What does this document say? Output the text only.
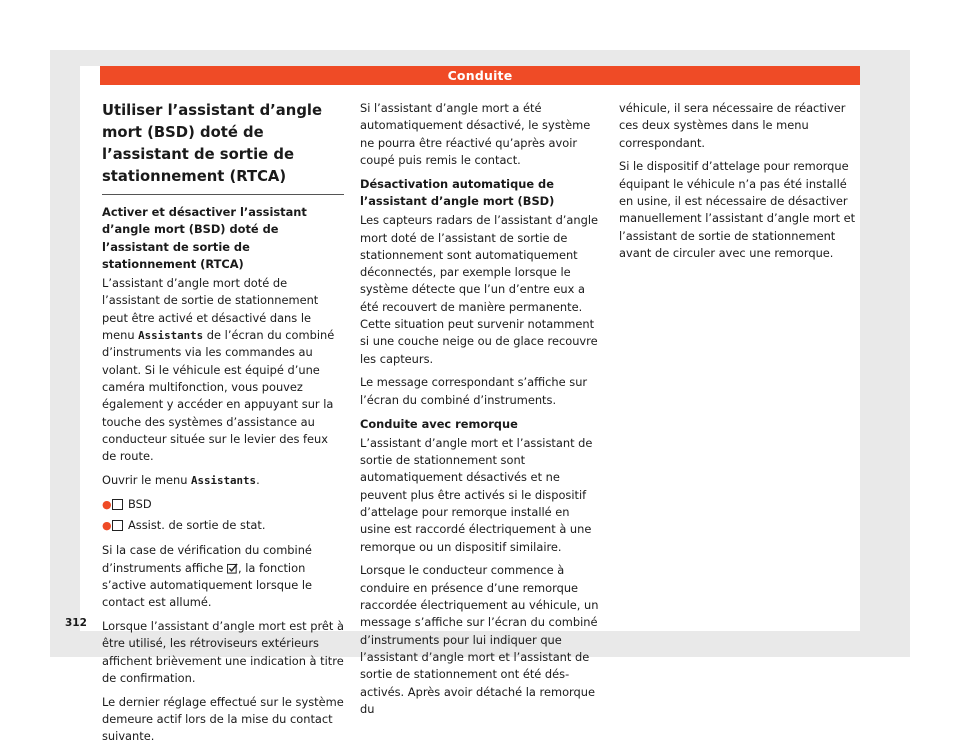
Conduite
Utiliser l’assistant d’angle mort (BSD) doté de l’assistant de sortie de stationnement (RTCA)

Activer et désactiver l’assistant d’angle mort (BSD) doté de l’assistant de sortie de stationnement (RTCA)

L’assistant d’angle mort doté de l’assistant de sortie de stationnement peut être activé et désactivé dans le menu Assistants de l’écran du combiné d’instruments via les commandes au volant. Si le véhicule est équipé d’une caméra multifonction, vous pouvez également y accéder en appuyant sur la touche des systèmes d’assistance au conducteur située sur le levier des feux de route.

Ouvrir le menu Assistants.

● BSD
● Assist. de sortie de stat.

Si la case de vérification du combiné d’instruments affiche , la fonction s’active automatiquement lorsque le contact est allumé.

Lorsque l’assistant d’angle mort est prêt à être utilisé, les rétroviseurs extérieurs affichent brièvement une indication à titre de confirmation.

Le dernier réglage effectué sur le système demeure actif lors de la mise du contact suivante.

Si l’assistant d’angle mort a été automatiquement désactivé, le système ne pourra être réactivé qu’après avoir coupé puis remis le contact.

Désactivation automatique de l’assistant d’angle mort (BSD)

Les capteurs radars de l’assistant d’angle mort doté de l’assistant de sortie de stationnement sont automatiquement déconnectés, par exemple lorsque le système détecte que l’un d’entre eux a été recouvert de manière permanente. Cette situation peut survenir notamment si une couche neige ou de glace recouvre les capteurs.

Le message correspondant s’affiche sur l’écran du combiné d’instruments.

Conduite avec remorque

L’assistant d’angle mort et l’assistant de sortie de stationnement sont automatiquement désactivés et ne peuvent plus être activés si le dispositif d’attelage pour remorque installé en usine est raccordé électriquement à une remorque ou un dispositif similaire.

Lorsque le conducteur commence à conduire en présence d’une remorque raccordée électriquement au véhicule, un message s’affiche sur l’écran du combiné d’instruments pour lui indiquer que l’assistant d’angle mort et l’assistant de sortie de stationnement ont été désactivés. Après avoir détaché la remorque du

véhicule, il sera nécessaire de réactiver ces deux systèmes dans le menu correspondant.

Si le dispositif d’attelage pour remorque équipant le véhicule n’a pas été installé en usine, il est nécessaire de désactiver manuellement l’assistant d’angle mort et l’assistant de sortie de stationnement avant de circuler avec une remorque.

312
